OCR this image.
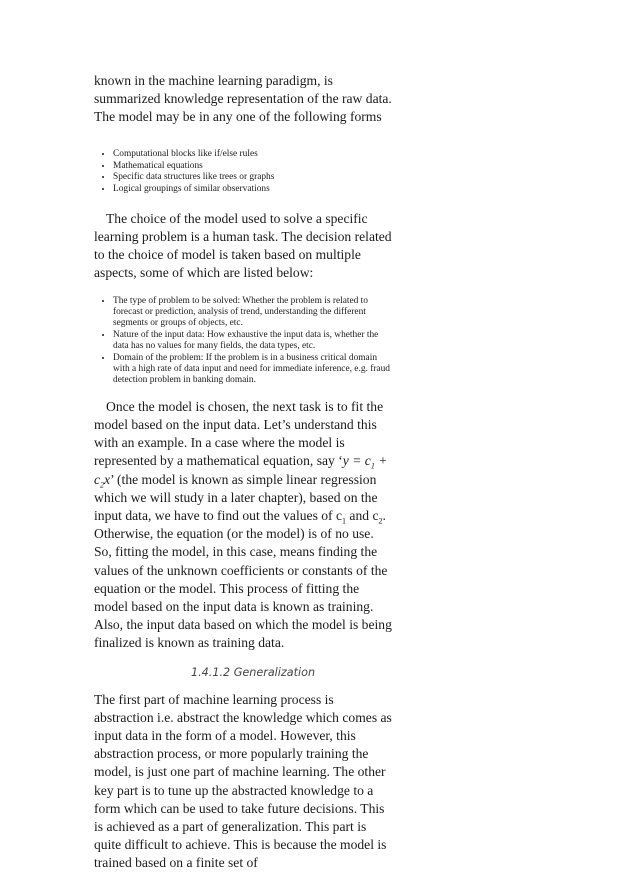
known in the machine learning paradigm, is summarized knowledge representation of the raw data. The model may be in any one of the following forms

• Computational blocks like if/else rules
• Mathematical equations
• Specific data structures like trees or graphs
• Logical groupings of similar observations

The choice of the model used to solve a specific learning problem is a human task. The decision related to the choice of model is taken based on multiple aspects, some of which are listed below:

• The type of problem to be solved: Whether the problem is related to forecast or prediction, analysis of trend, understanding the different segments or groups of objects, etc.
• Nature of the input data: How exhaustive the input data is, whether the data has no values for many fields, the data types, etc.
• Domain of the problem: If the problem is in a business critical domain with a high rate of data input and need for immediate inference, e.g. fraud detection problem in banking domain.

Once the model is chosen, the next task is to fit the model based on the input data. Let’s understand this with an example. In a case where the model is represented by a mathematical equation, say ‘$y = c_1 + c_2x$’ (the model is known as simple linear regression which we will study in a later chapter), based on the input data, we have to find out the values of $c_1$ and $c_2$. Otherwise, the equation (or the model) is of no use. So, fitting the model, in this case, means finding the values of the unknown coefficients or constants of the equation or the model. This process of fitting the model based on the input data is known as training. Also, the input data based on which the model is being finalized is known as training data.

1.4.1.2 Generalization

The first part of machine learning process is abstraction i.e. abstract the knowledge which comes as input data in the form of a model. However, this abstraction process, or more popularly training the model, is just one part of machine learning. The other key part is to tune up the abstracted knowledge to a form which can be used to take future decisions. This is achieved as a part of generalization. This part is quite difficult to achieve. This is because the model is trained based on a finite set of
